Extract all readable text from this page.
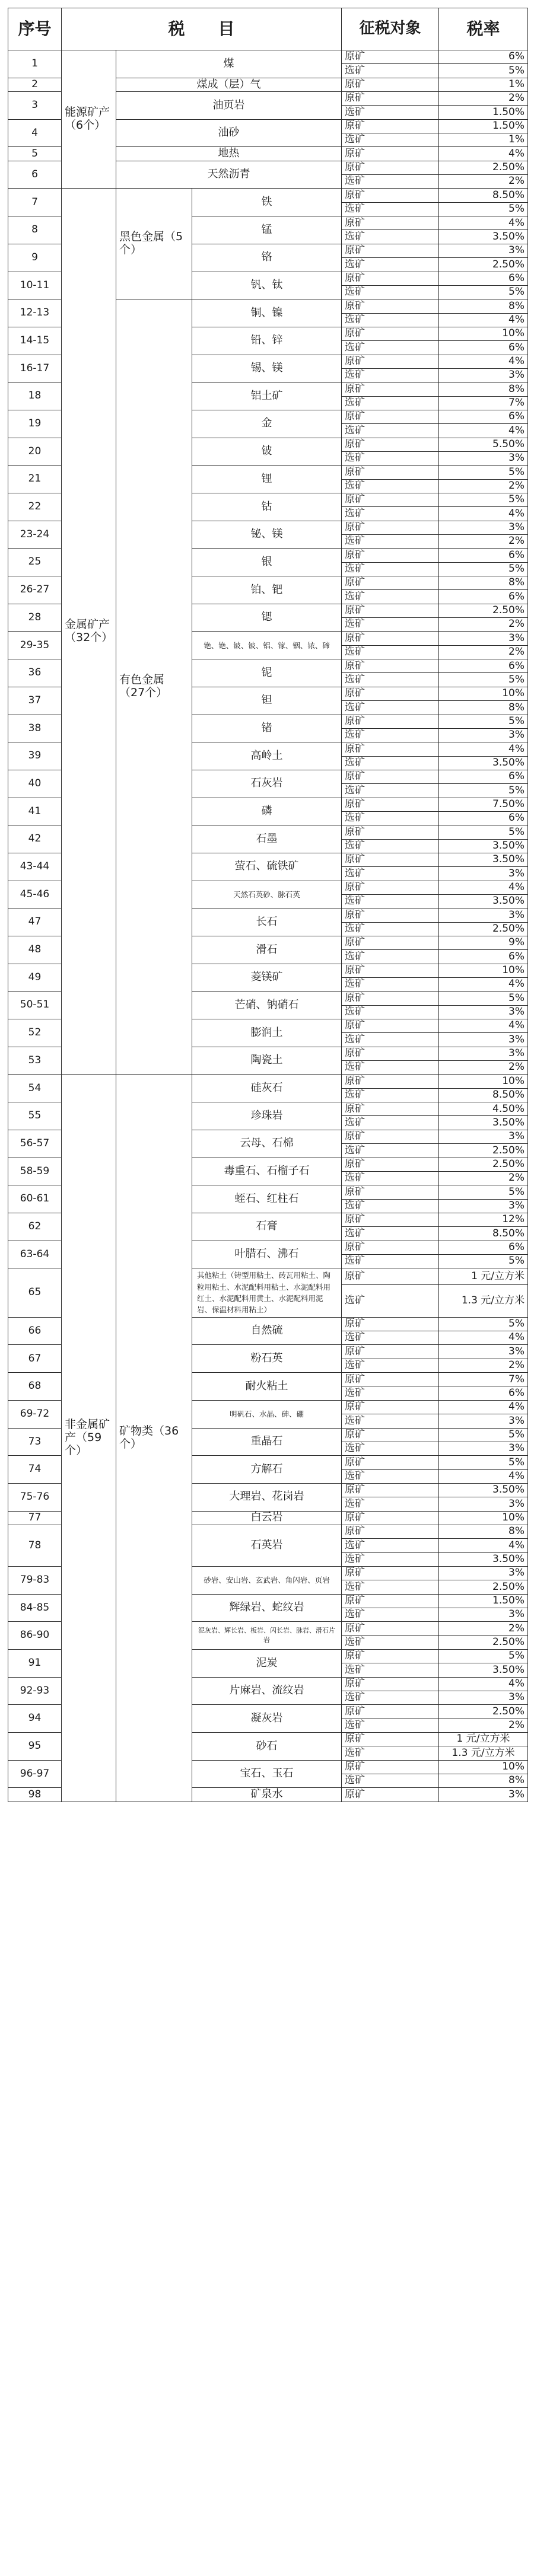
序号	税　　目			征税对象	税率
1	能源矿产（6个）	煤		原矿	6%
				选矿	5%
2		煤成（层）气		原矿	1%
3		油页岩		原矿	2%
				选矿	1.50%
4		油砂		原矿	1.50%
				选矿	1%
5		地热		原矿	4%
6		天然沥青		原矿	2.50%
				选矿	2%
7	金属矿产（32个）	黑色金属（5个）	铁	原矿	8.50%
				选矿	5%
8			锰	原矿	4%
				选矿	3.50%
9			铬	原矿	3%
				选矿	2.50%
10-11			钒、钛	原矿	6%
				选矿	5%
12-13		有色金属（27个）	铜、镍	原矿	8%
				选矿	4%
14-15			铅、锌	原矿	10%
				选矿	6%
16-17			锡、镁	原矿	4%
				选矿	3%
18			铝土矿	原矿	8%
				选矿	7%
19			金	原矿	6%
				选矿	4%
20			铍	原矿	5.50%
				选矿	3%
21			锂	原矿	5%
				选矿	2%
22			钴	原矿	5%
				选矿	4%
23-24			铋、镁	原矿	3%
				选矿	2%
25			银	原矿	6%
				选矿	5%
26-27			铂、钯	原矿	8%
				选矿	6%
28			锶	原矿	2.50%
				选矿	2%
29-35			铯、铯、铍、铍、铝、镓、铟、铱、碲	原矿	3%
				选矿	2%
36			铌	原矿	6%
				选矿	5%
37			钽	原矿	10%
				选矿	8%
38			锗	原矿	5%
				选矿	3%
39			高岭土	原矿	4%
				选矿	3.50%
40			石灰岩	原矿	6%
				选矿	5%
41			磷	原矿	7.50%
				选矿	6%
42			石墨	原矿	5%
				选矿	3.50%
43-44			萤石、硫铁矿	原矿	3.50%
				选矿	3%
45-46			天然石英砂、脉石英	原矿	4%
				选矿	3.50%
47			长石	原矿	3%
				选矿	2.50%
48			滑石	原矿	9%
				选矿	6%
49			菱镁矿	原矿	10%
				选矿	4%
50-51			芒硝、钠硝石	原矿	5%
				选矿	3%
52			膨润土	原矿	4%
				选矿	3%
53			陶瓷土	原矿	3%
				选矿	2%
54	非金属矿产（59个）	矿物类（36个）	硅灰石	原矿	10%
				选矿	8.50%
55			珍珠岩	原矿	4.50%
				选矿	3.50%
56-57			云母、石棉	原矿	3%
				选矿	2.50%
58-59			毒重石、石榴子石	原矿	2.50%
				选矿	2%
60-61			蛭石、红柱石	原矿	5%
				选矿	3%
62			石膏	原矿	12%
				选矿	8.50%
63-64			叶腊石、沸石	原矿	6%
				选矿	5%
65			其他粘土（铸型用粘土、砖瓦用粘土、陶粒用粘土、水泥配料用粘土、水泥配料用红土、水泥配料用黄土、水泥配料用泥岩、保温材料用粘土）	原矿	1 元/立方米
				选矿	1.3 元/立方米
66			自然硫	原矿	5%
				选矿	4%
67			粉石英	原矿	3%
				选矿	2%
68			耐火粘土	原矿	7%
				选矿	6%
69-72			明矾石、水晶、砷、硼	原矿	4%
				选矿	3%
73			重晶石	原矿	5%
				选矿	3%
74			方解石	原矿	5%
				选矿	4%
75-76			大理岩、花岗岩	原矿	3.50%
				选矿	3%
77			白云岩	原矿	10%
78			石英岩	原矿	8%
				选矿	4%
				选矿	3.50%
79-83			砂岩、安山岩、玄武岩、角闪岩、页岩	原矿	3%
				选矿	2.50%
84-85			辉绿岩、蛇纹岩	原矿	1.50%
				选矿	3%
86-90			泥灰岩、辉长岩、板岩、闪长岩、脉岩、滑石片岩	原矿	2%
				选矿	2.50%
91			泥炭	原矿	5%
				选矿	3.50%
92-93			片麻岩、流纹岩	原矿	4%
				选矿	3%
94			凝灰岩	原矿	2.50%
				选矿	2%
95			砂石	原矿	1 元/立方米
				选矿	1.3 元/立方米
96-97			宝石、玉石	原矿	10%
				选矿	8%
98			矿泉水	原矿	3%
